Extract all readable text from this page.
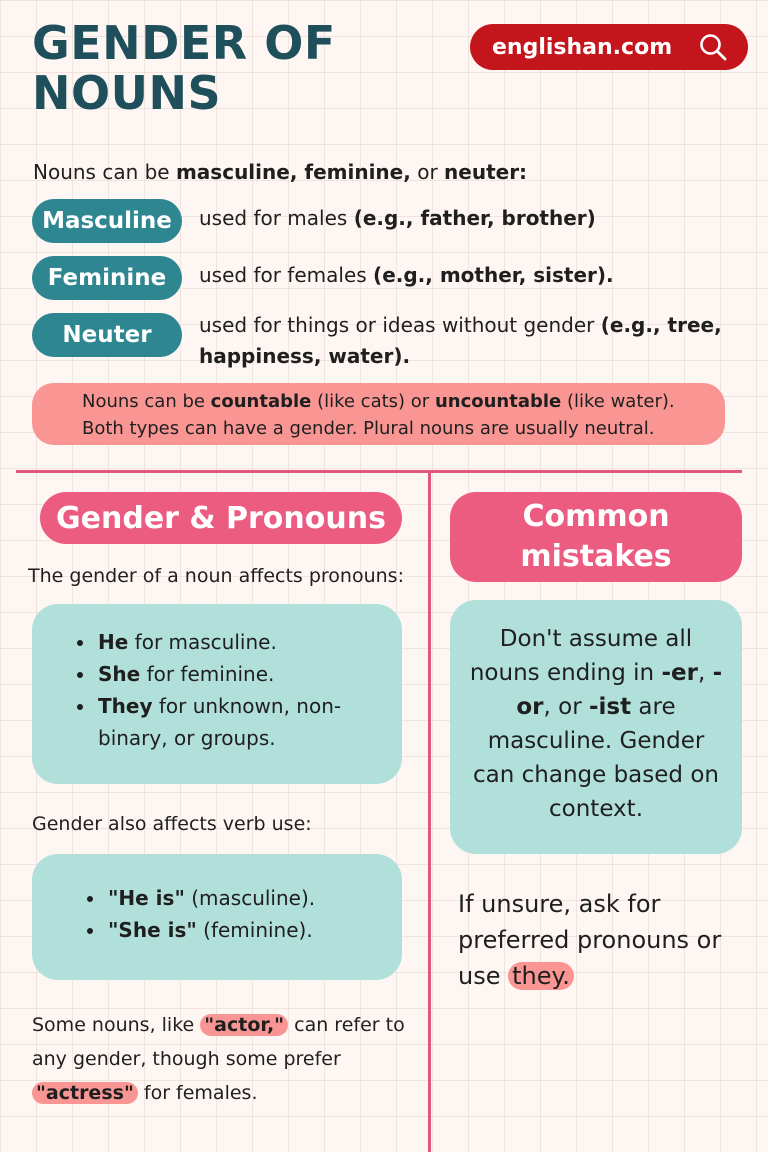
GENDER OF NOUNS
englishan.com
Nouns can be masculine, feminine, or neuter:
Masculine	used for males (e.g., father, brother)
Feminine	used for females (e.g., mother, sister).
Neuter	used for things or ideas without gender (e.g., tree, happiness, water).
Nouns can be countable (like cats) or uncountable (like water).
Both types can have a gender. Plural nouns are usually neutral.
Gender & Pronouns
The gender of a noun affects pronouns:
• He for masculine.
• She for feminine.
• They for unknown, non-binary, or groups.
Gender also affects verb use:
• "He is" (masculine).
• "She is" (feminine).
Some nouns, like "actor," can refer to any gender, though some prefer "actress" for females.
Common mistakes
Don't assume all nouns ending in -er, -or, or -ist are masculine. Gender can change based on context.
If unsure, ask for preferred pronouns or use they.
